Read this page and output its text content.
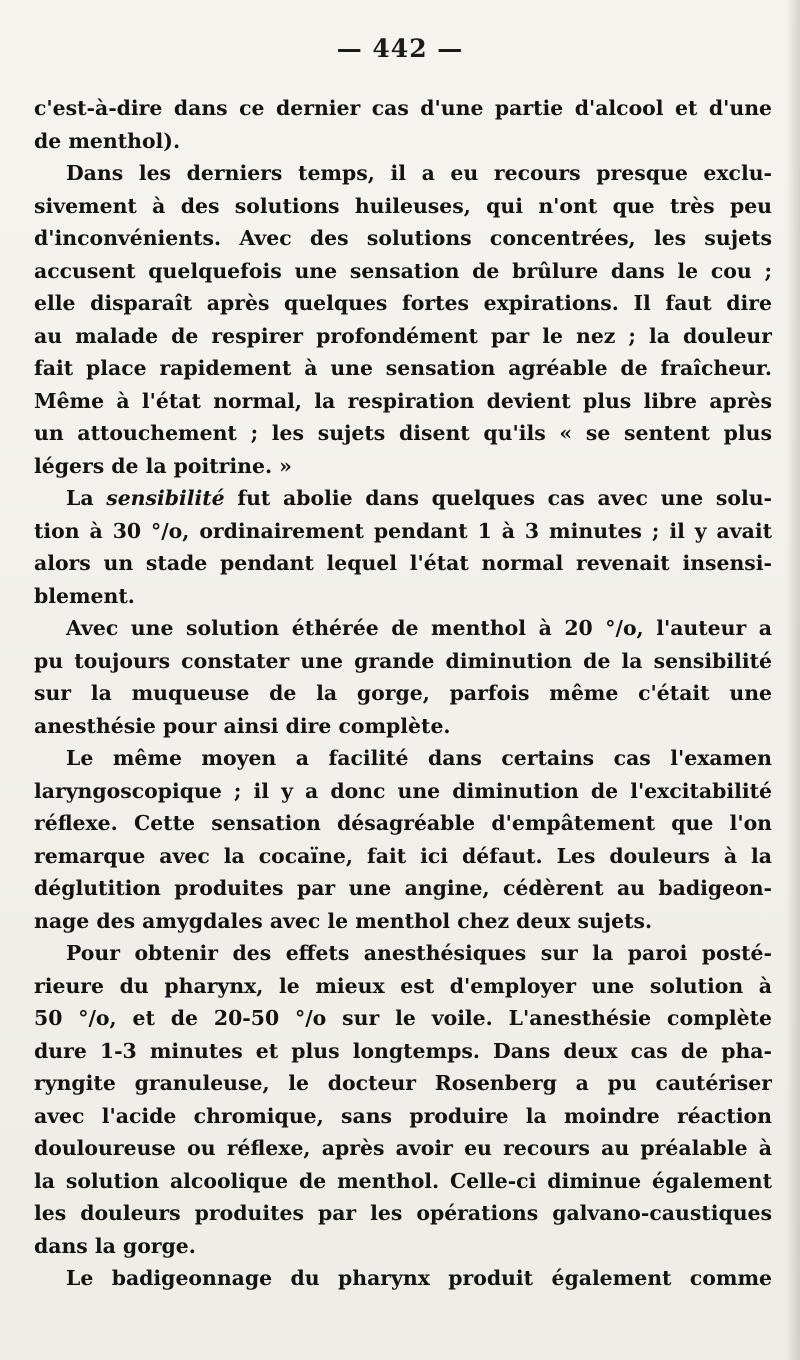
— 442 —
c'est-à-dire dans ce dernier cas d'une partie d'alcool et d'une
de menthol).
Dans les derniers temps, il a eu recours presque exclu-
sivement à des solutions huileuses, qui n'ont que très peu
d'inconvénients. Avec des solutions concentrées, les sujets
accusent quelquefois une sensation de brûlure dans le cou ;
elle disparaît après quelques fortes expirations. Il faut dire
au malade de respirer profondément par le nez ; la douleur
fait place rapidement à une sensation agréable de fraîcheur.
Même à l'état normal, la respiration devient plus libre après
un attouchement ; les sujets disent qu'ils « se sentent plus
légers de la poitrine. »
La sensibilité fut abolie dans quelques cas avec une solu-
tion à 30 °/o, ordinairement pendant 1 à 3 minutes ; il y avait
alors un stade pendant lequel l'état normal revenait insensi-
blement.
Avec une solution éthérée de menthol à 20 °/o, l'auteur a
pu toujours constater une grande diminution de la sensibilité
sur la muqueuse de la gorge, parfois même c'était une
anesthésie pour ainsi dire complète.
Le même moyen a facilité dans certains cas l'examen
laryngoscopique ; il y a donc une diminution de l'excitabilité
réflexe. Cette sensation désagréable d'empâtement que l'on
remarque avec la cocaïne, fait ici défaut. Les douleurs à la
déglutition produites par une angine, cédèrent au badigeon-
nage des amygdales avec le menthol chez deux sujets.
Pour obtenir des effets anesthésiques sur la paroi posté-
rieure du pharynx, le mieux est d'employer une solution à
50 °/o, et de 20-50 °/o sur le voile. L'anesthésie complète
dure 1-3 minutes et plus longtemps. Dans deux cas de pha-
ryngite granuleuse, le docteur Rosenberg a pu cautériser
avec l'acide chromique, sans produire la moindre réaction
douloureuse ou réflexe, après avoir eu recours au préalable à
la solution alcoolique de menthol. Celle-ci diminue également
les douleurs produites par les opérations galvano-caustiques
dans la gorge.
Le badigeonnage du pharynx produit également comme
